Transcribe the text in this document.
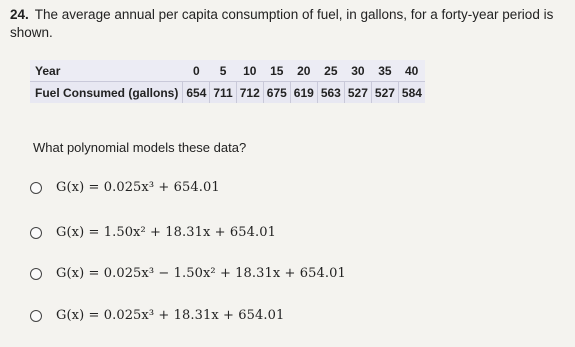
24. The average annual per capita consumption of fuel, in gallons, for a forty-year period is shown.
Year	0	5	10	15	20	25	30	35	40
Fuel Consumed (gallons)	654	711	712	675	619	563	527	527	584
What polynomial models these data?
G(x) = 0.025x³ + 654.01
G(x) = 1.50x² + 18.31x + 654.01
G(x) = 0.025x³ − 1.50x² + 18.31x + 654.01
G(x) = 0.025x³ + 18.31x + 654.01
